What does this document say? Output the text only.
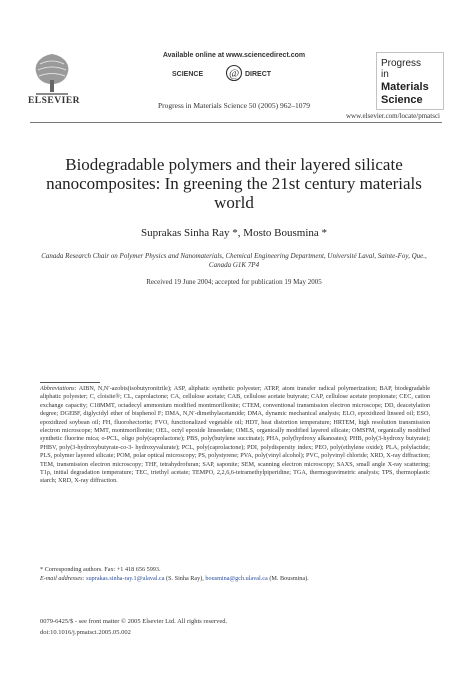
Available online at www.sciencedirect.com
SCIENCE @ DIRECT
ELSEVIER	Progress in Materials Science 50 (2005) 962–1079
Progress
in
Materials
Science
www.elsevier.com/locate/pmatsci
Biodegradable polymers and their layered silicate nanocomposites: In greening the 21st century materials world
Suprakas Sinha Ray *, Mosto Bousmina *
Canada Research Chair on Polymer Physics and Nanomaterials, Chemical Engineering Department, Université Laval, Sainte-Foy, Que., Canada G1K 7P4
Received 19 June 2004; accepted for publication 19 May 2005
Abbreviations: AIBN, N,N′-azobis(isobutyronitrile); ASP, aliphatic synthetic polyester; ATRP, atom transfer radical polymerization; BAP, biodegradable aliphatic polyester; C, cloisite®; CL, caprolactone; CA, cellulose acetate; CAB, cellulose acetate butyrate; CAP, cellulose acetate propionate; CEC, cation exchange capacity; C18MMT, octadecyl ammonium modified montmorillonite; CTEM, conventional transmission electron microscope; DD, deacetylation degree; DGEBF, diglycidyl ether of bisphenol F; DMA, N,N′-dimethylacetamide; DMA, dynamic mechanical analysis; ELO, epoxidized linseed oil; ESO, epoxidized soybean oil; FH, fluorohectorite; FVO, functionalized vegetable oil; HDT, heat distortion temperature; HRTEM, high resolution transmission electron microscope; MMT, montmorillonite; OEL, octyl epoxide linseedate; OMLS, organically modified layered silicate; OMSFM, organically modified synthetic fluorine mica; o-PCL, oligo poly(caprolactone); PBS, poly(butylene succinate); PHA, poly(hydroxy alkanoates); PHB, poly(3-hydroxy butyrate); PHBV, poly(3-hydroxybutyrate-co-3- hydroxyvalurate); PCL, poly(caprolactone); PDI, polydispersity index; PEO, poly(ethylene oxide); PLA, polylactide; PLS, polymer layered silicate; POM, polar optical microscopy; PS, polystyrene; PVA, poly(vinyl alcohol); PVC, polyvinyl chloride; XRD, X-ray diffraction; TEM, transmission electron microscopy; THF, tetrahydrofuran; SAP, saponite; SEM, scanning electron microscopy; SAXS, small angle X-ray scattering; T1ρ, initial degradation temperature; TEC, triethyl acetate; TEMPO, 2,2,6,6-tetramethylpiperidine; TGA, thermogravimetric analysis; TPS, thermoplastic starch; XRD, X-ray diffraction.
* Corresponding authors. Fax: +1 418 656 5993.
E-mail addresses: suprakas.sinha-ray.1@ulaval.ca (S. Sinha Ray), bousmina@gch.ulaval.ca (M. Bousmina).
0079-6425/$ - see front matter © 2005 Elsevier Ltd. All rights reserved.
doi:10.1016/j.pmatsci.2005.05.002
